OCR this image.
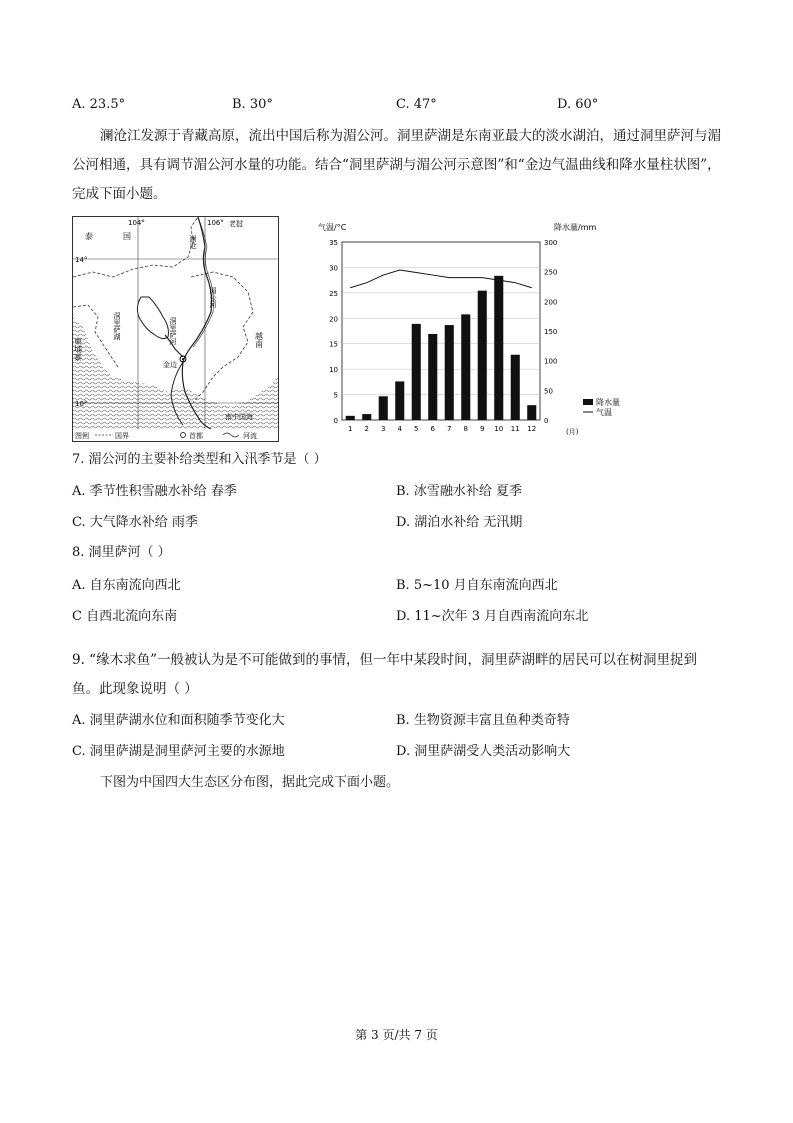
A. 23.5°	B. 30°	C. 47°	D. 60°
澜沧江发源于青藏高原，流出中国后称为湄公河。洞里萨湖是东南亚最大的淡水湖泊，通过洞里萨河与湄公河相通，具有调节湄公河水量的功能。结合“洞里萨湖与湄公河示意图”和“金边气温曲线和降水量柱状图”，完成下面小题。
图例	国界	首都	河流
104°	106° 老挝
泰	国
14°
10°
洞里萨湖	洞里萨河
湄公河
澜沧
金边
越南
柬埔寨
南中国海
气温/°C	降水量/mm
(月)
0
5
10
15
20
25
30
35
0
50
100
150
200
250
300
1 2 3 4 5 6 7 8 9 10 11 12
降水量
气温
7. 湄公河的主要补给类型和入汛季节是（ ）
A. 季节性积雪融水补给 春季	B. 冰雪融水补给 夏季
C. 大气降水补给 雨季	D. 湖泊水补给 无汛期
8. 洞里萨河（ ）
A. 自东南流向西北	B. 5~10 月自东南流向西北
C 自西北流向东南	D. 11~次年 3 月自西南流向东北
9. “缘木求鱼”一般被认为是不可能做到的事情，但一年中某段时间，洞里萨湖畔的居民可以在树洞里捉到鱼。此现象说明（ ）
A. 洞里萨湖水位和面积随季节变化大	B. 生物资源丰富且鱼种类奇特
C. 洞里萨湖是洞里萨河主要的水源地	D. 洞里萨湖受人类活动影响大
下图为中国四大生态区分布图，据此完成下面小题。
第 3 页/共 7 页
